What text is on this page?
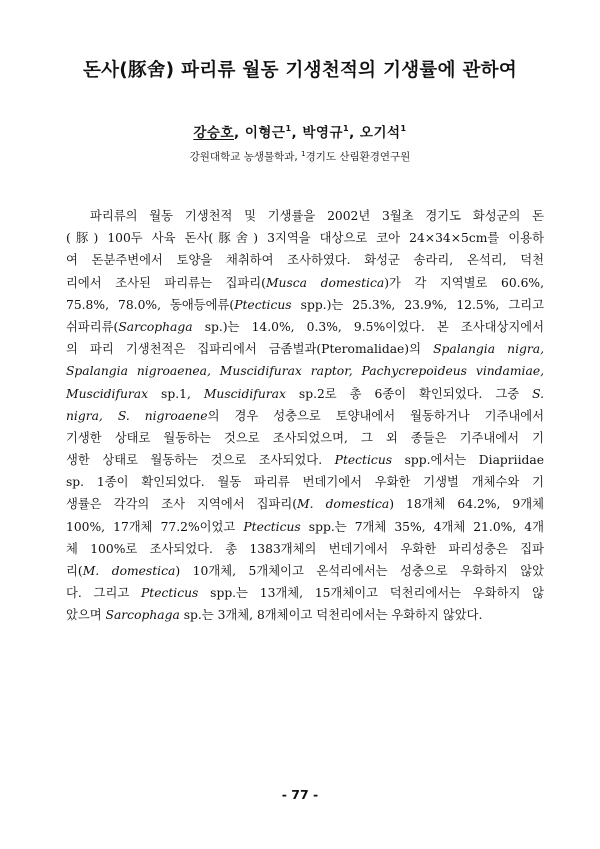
돈사(豚舍) 파리류 월동 기생천적의 기생률에 관하여
강승호, 이형근$^1$, 박영규$^1$, 오기석$^1$
강원대학교 농생물학과, $^1$경기도 산림환경연구원
파리류의 월동 기생천적 및 기생률을 2002년 3월초 경기도 화성군의 돈
(豚) 100두 사육 돈사(豚舍) 3지역을 대상으로 코아 24×34×5cm를 이용하
여 돈분주변에서 토양을 채취하여 조사하였다. 화성군 송라리, 온석리, 덕천
리에서 조사된 파리류는 집파리(Musca domestica)가 각 지역별로 60.6%,
75.8%, 78.0%, 동애등에류(Ptecticus spp.)는 25.3%, 23.9%, 12.5%, 그리고
쉬파리류(Sarcophaga sp.)는 14.0%, 0.3%, 9.5%이었다. 본 조사대상지에서
의 파리 기생천적은 집파리에서 금좀벌과(Pteromalidae)의 Spalangia nigra,
Spalangia nigroaenea, Muscidifurax raptor, Pachycrepoideus vindamiae,
Muscidifurax sp.1, Muscidifurax sp.2로 총 6종이 확인되었다. 그중 S.
nigra, S. nigroaene의 경우 성충으로 토양내에서 월동하거나 기주내에서
기생한 상태로 월동하는 것으로 조사되었으며, 그 외 종들은 기주내에서 기
생한 상태로 월동하는 것으로 조사되었다. Ptecticus spp.에서는 Diapriidae
sp. 1종이 확인되었다. 월동 파리류 번데기에서 우화한 기생벌 개체수와 기
생률은 각각의 조사 지역에서 집파리(M. domestica) 18개체 64.2%, 9개체
100%, 17개체 77.2%이었고 Ptecticus spp.는 7개체 35%, 4개체 21.0%, 4개
체 100%로 조사되었다. 총 1383개체의 번데기에서 우화한 파리성충은 집파
리(M. domestica) 10개체, 5개체이고 온석리에서는 성충으로 우화하지 않았
다. 그리고 Ptecticus spp.는 13개체, 15개체이고 덕천리에서는 우화하지 않
았으며 Sarcophaga sp.는 3개체, 8개체이고 덕천리에서는 우화하지 않았다.
- 77 -
